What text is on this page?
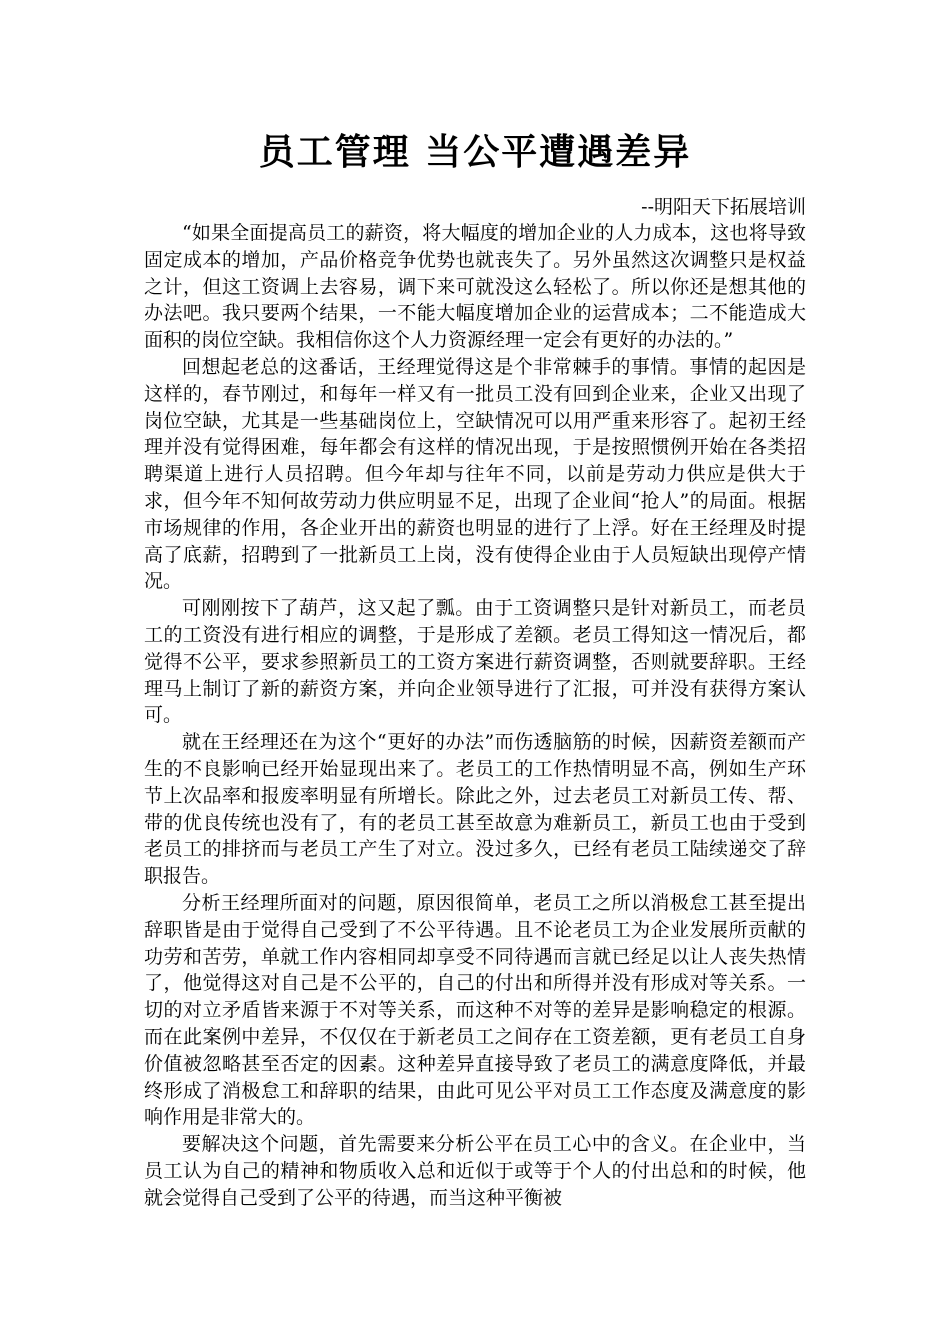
员工管理 当公平遭遇差异
--明阳天下拓展培训

“如果全面提高员工的薪资，将大幅度的增加企业的人力成本，这也将导致固定成本的增加，产品价格竞争优势也就丧失了。另外虽然这次调整只是权益之计，但这工资调上去容易，调下来可就没这么轻松了。所以你还是想其他的办法吧。我只要两个结果，一不能大幅度增加企业的运营成本；二不能造成大面积的岗位空缺。我相信你这个人力资源经理一定会有更好的办法的。”

回想起老总的这番话，王经理觉得这是个非常棘手的事情。事情的起因是这样的，春节刚过，和每年一样又有一批员工没有回到企业来，企业又出现了岗位空缺，尤其是一些基础岗位上，空缺情况可以用严重来形容了。起初王经理并没有觉得困难，每年都会有这样的情况出现，于是按照惯例开始在各类招聘渠道上进行人员招聘。但今年却与往年不同，以前是劳动力供应是供大于求，但今年不知何故劳动力供应明显不足，出现了企业间“抢人”的局面。根据市场规律的作用，各企业开出的薪资也明显的进行了上浮。好在王经理及时提高了底薪，招聘到了一批新员工上岗，没有使得企业由于人员短缺出现停产情况。

可刚刚按下了葫芦，这又起了瓢。由于工资调整只是针对新员工，而老员工的工资没有进行相应的调整，于是形成了差额。老员工得知这一情况后，都觉得不公平，要求参照新员工的工资方案进行薪资调整，否则就要辞职。王经理马上制订了新的薪资方案，并向企业领导进行了汇报，可并没有获得方案认可。

就在王经理还在为这个“更好的办法”而伤透脑筋的时候，因薪资差额而产生的不良影响已经开始显现出来了。老员工的工作热情明显不高，例如生产环节上次品率和报废率明显有所增长。除此之外，过去老员工对新员工传、帮、带的优良传统也没有了，有的老员工甚至故意为难新员工，新员工也由于受到老员工的排挤而与老员工产生了对立。没过多久，已经有老员工陆续递交了辞职报告。

分析王经理所面对的问题，原因很简单，老员工之所以消极怠工甚至提出辞职皆是由于觉得自己受到了不公平待遇。且不论老员工为企业发展所贡献的功劳和苦劳，单就工作内容相同却享受不同待遇而言就已经足以让人丧失热情了，他觉得这对自己是不公平的，自己的付出和所得并没有形成对等关系。一切的对立矛盾皆来源于不对等关系，而这种不对等的差异是影响稳定的根源。而在此案例中差异，不仅仅在于新老员工之间存在工资差额，更有老员工自身价值被忽略甚至否定的因素。这种差异直接导致了老员工的满意度降低，并最终形成了消极怠工和辞职的结果，由此可见公平对员工工作态度及满意度的影响作用是非常大的。

要解决这个问题，首先需要来分析公平在员工心中的含义。在企业中，当员工认为自己的精神和物质收入总和近似于或等于个人的付出总和的时候，他就会觉得自己受到了公平的待遇，而当这种平衡被
